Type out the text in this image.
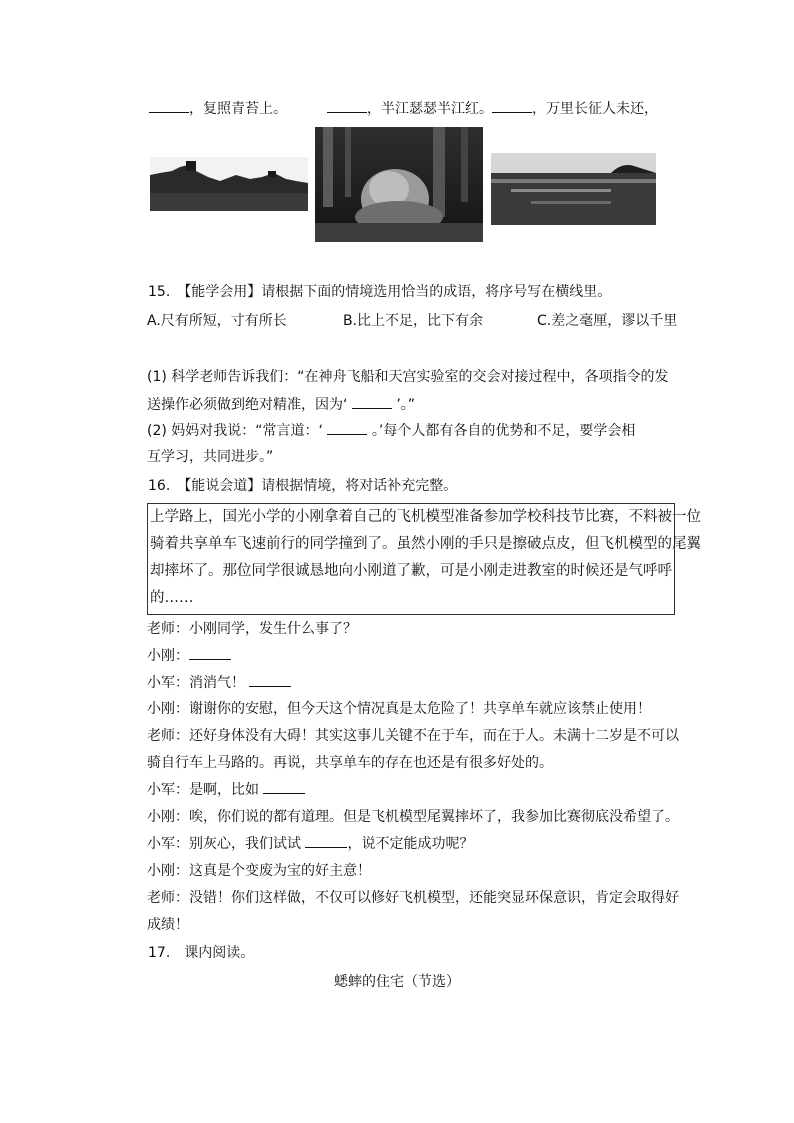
，复照青苔上。	，半江瑟瑟半江红。	，万里长征人未还，
15.　【能学会用】请根据下面的情境选用恰当的成语，将序号写在横线里。
A.尺有所短，寸有所长	B.比上不足，比下有余	C.差之毫厘，谬以千里
(1) 科学老师告诉我们：“在神舟飞船和天宫实验室的交会对接过程中，各项指令的发
送操作必须做到绝对精准，因为‘	’。”
(2) 妈妈对我说：“常言道：‘	。’每个人都有各自的优势和不足，要学会相
互学习，共同进步。”
16.　【能说会道】请根据情境，将对话补充完整。
上学路上，国光小学的小刚拿着自己的飞机模型准备参加学校科技节比赛，不料被一位
骑着共享单车飞速前行的同学撞到了。虽然小刚的手只是擦破点皮，但飞机模型的尾翼
却摔坏了。那位同学很诚恳地向小刚道了歉，可是小刚走进教室的时候还是气呼呼
的……
老师：小刚同学，发生什么事了？
小刚：
小军：消消气！
小刚：谢谢你的安慰，但今天这个情况真是太危险了！共享单车就应该禁止使用！
老师：还好身体没有大碍！其实这事儿关键不在于车，而在于人。未满十二岁是不可以
骑自行车上马路的。再说，共享单车的存在也还是有很多好处的。
小军：是啊，比如
小刚：唉，你们说的都有道理。但是飞机模型尾翼摔坏了，我参加比赛彻底没希望了。
小军：别灰心，我们试试	，说不定能成功呢？
小刚：这真是个变废为宝的好主意！
老师：没错！你们这样做，不仅可以修好飞机模型，还能突显环保意识，肯定会取得好
成绩！
17.　课内阅读。
蟋蟀的住宅（节选）
